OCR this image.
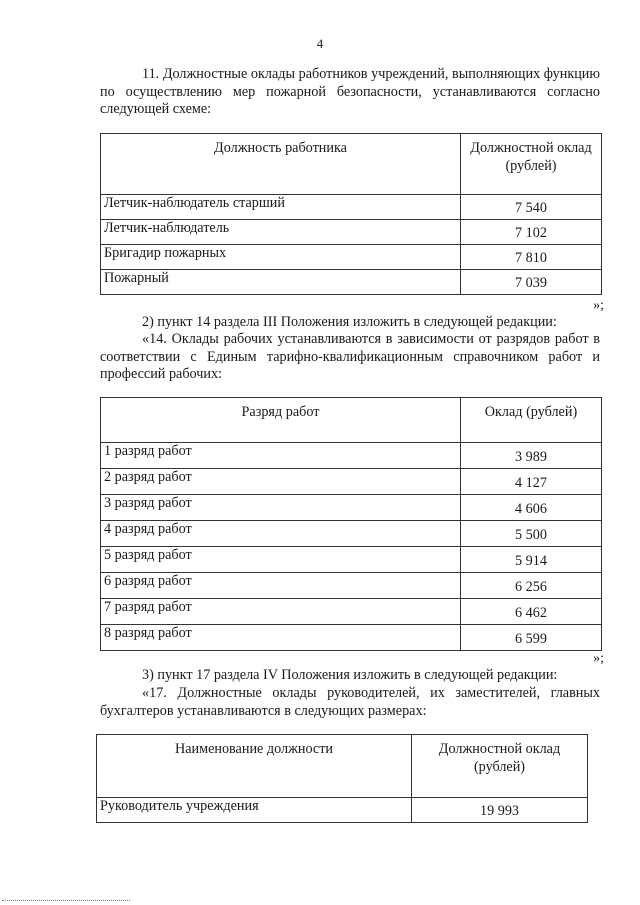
4
11. Должностные оклады работников учреждений, выполняющих функцию по осуществлению мер пожарной безопасности, устанавливаются согласно следующей схеме:
Должность работника	Должностной оклад (рублей)
Летчик-наблюдатель старший	7 540
Летчик-наблюдатель	7 102
Бригадир пожарных	7 810
Пожарный	7 039
»;
2) пункт 14 раздела III Положения изложить в следующей редакции:
«14. Оклады рабочих устанавливаются в зависимости от разрядов работ в соответствии с Единым тарифно-квалификационным справочником работ и профессий рабочих:
Разряд работ	Оклад (рублей)
1 разряд работ	3 989
2 разряд работ	4 127
3 разряд работ	4 606
4 разряд работ	5 500
5 разряд работ	5 914
6 разряд работ	6 256
7 разряд работ	6 462
8 разряд работ	6 599
»;
3) пункт 17 раздела IV Положения изложить в следующей редакции:
«17. Должностные оклады руководителей, их заместителей, главных бухгалтеров устанавливаются в следующих размерах:
Наименование должности	Должностной оклад (рублей)
Руководитель учреждения	19 993
